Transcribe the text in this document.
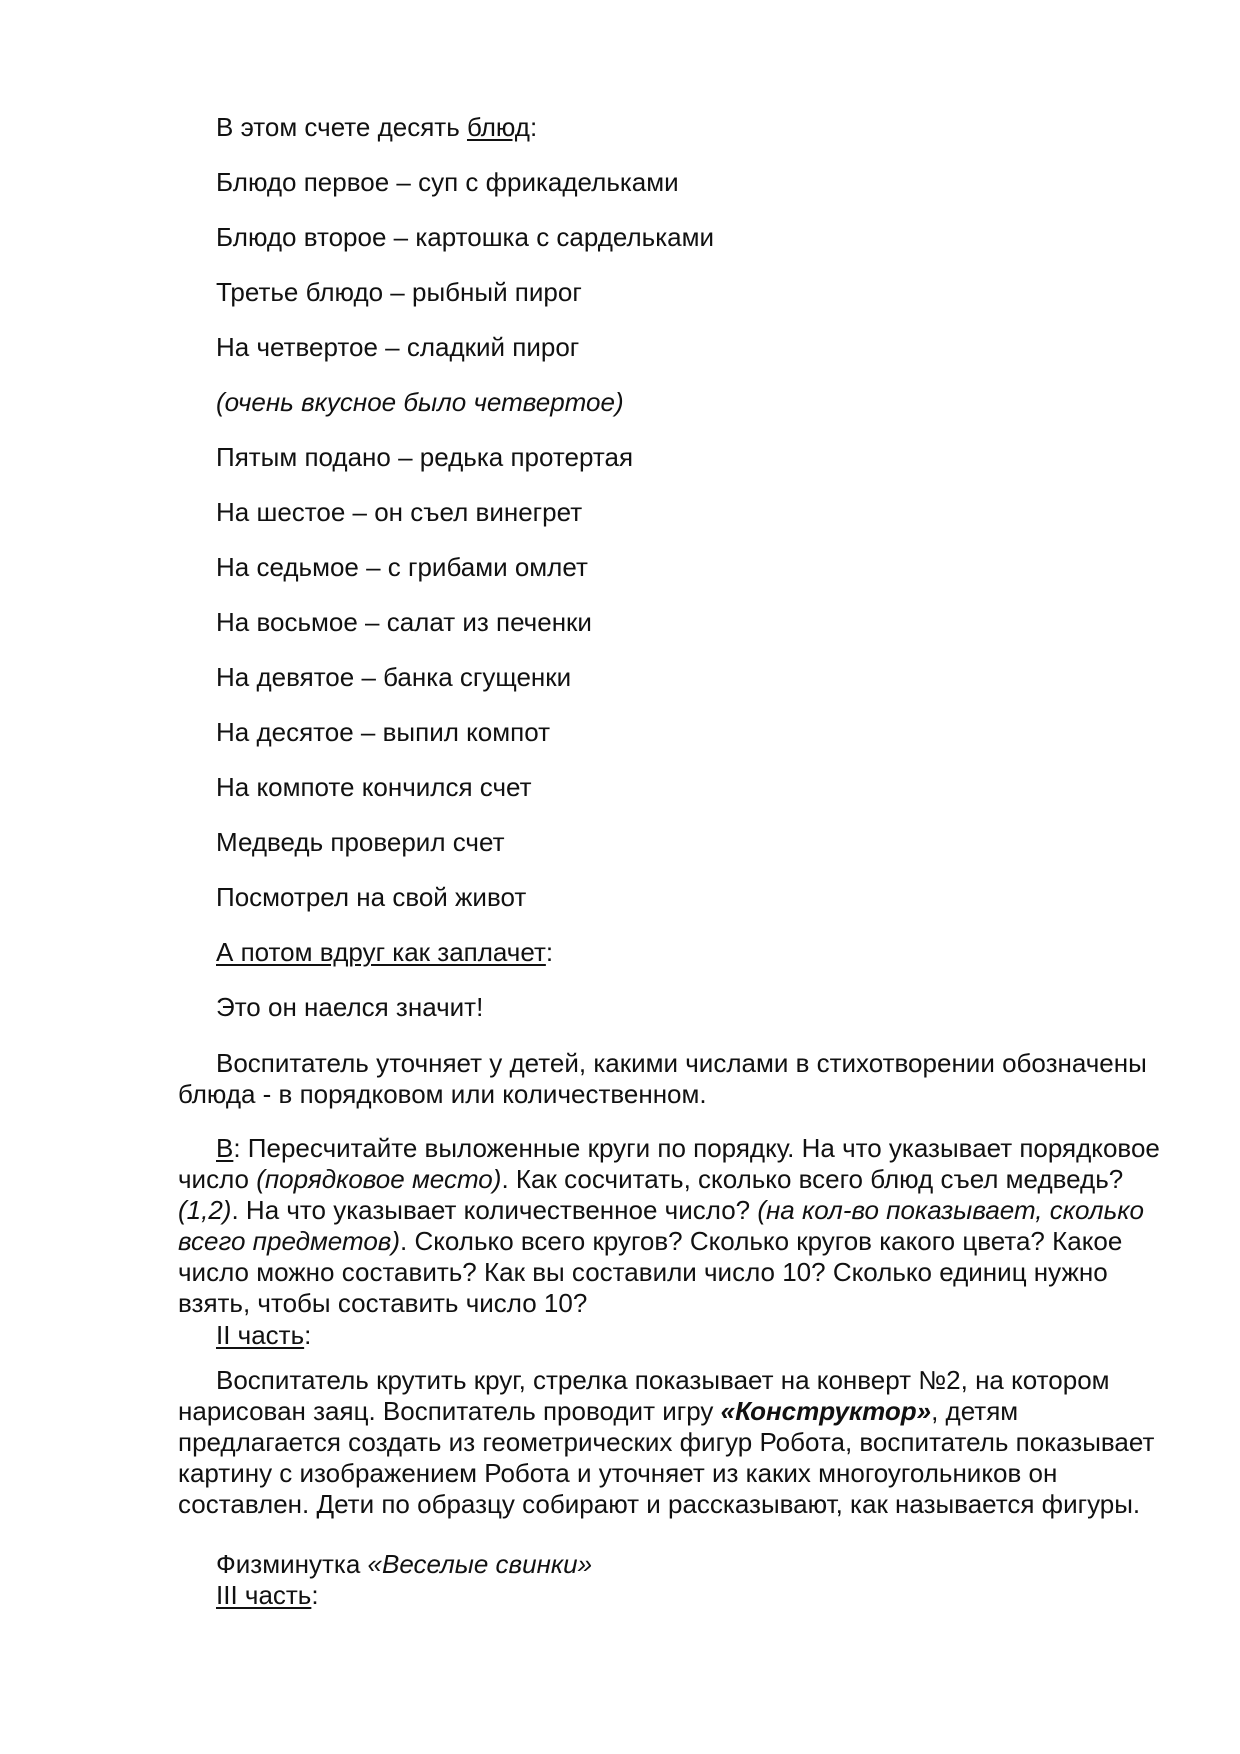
В этом счете десять блюд:
Блюдо первое – суп с фрикадельками
Блюдо второе – картошка с сардельками
Третье блюдо – рыбный пирог
На четвертое – сладкий пирог
(очень вкусное было четвертое)
Пятым подано – редька протертая
На шестое – он съел винегрет
На седьмое – с грибами омлет
На восьмое – салат из печенки
На девятое – банка сгущенки
На десятое – выпил компот
На компоте кончился счет
Медведь проверил счет
Посмотрел на свой живот
А потом вдруг как заплачет:
Это он наелся значит!

Воспитатель уточняет у детей, какими числами в стихотворении обозначены блюда - в порядковом или количественном.

В: Пересчитайте выложенные круги по порядку. На что указывает порядковое число (порядковое место). Как сосчитать, сколько всего блюд съел медведь? (1,2). На что указывает количественное число? (на кол-во показывает, сколько всего предметов). Сколько всего кругов? Сколько кругов какого цвета? Какое число можно составить? Как вы составили число 10? Сколько единиц нужно взять, чтобы составить число 10?

II часть:

Воспитатель крутить круг, стрелка показывает на конверт №2, на котором нарисован заяц. Воспитатель проводит игру «Конструктор», детям предлагается создать из геометрических фигур Робота, воспитатель показывает картину с изображением Робота и уточняет из каких многоугольников он составлен. Дети по образцу собирают и рассказывают, как называется фигуры.

Физминутка «Веселые свинки»

III часть:
